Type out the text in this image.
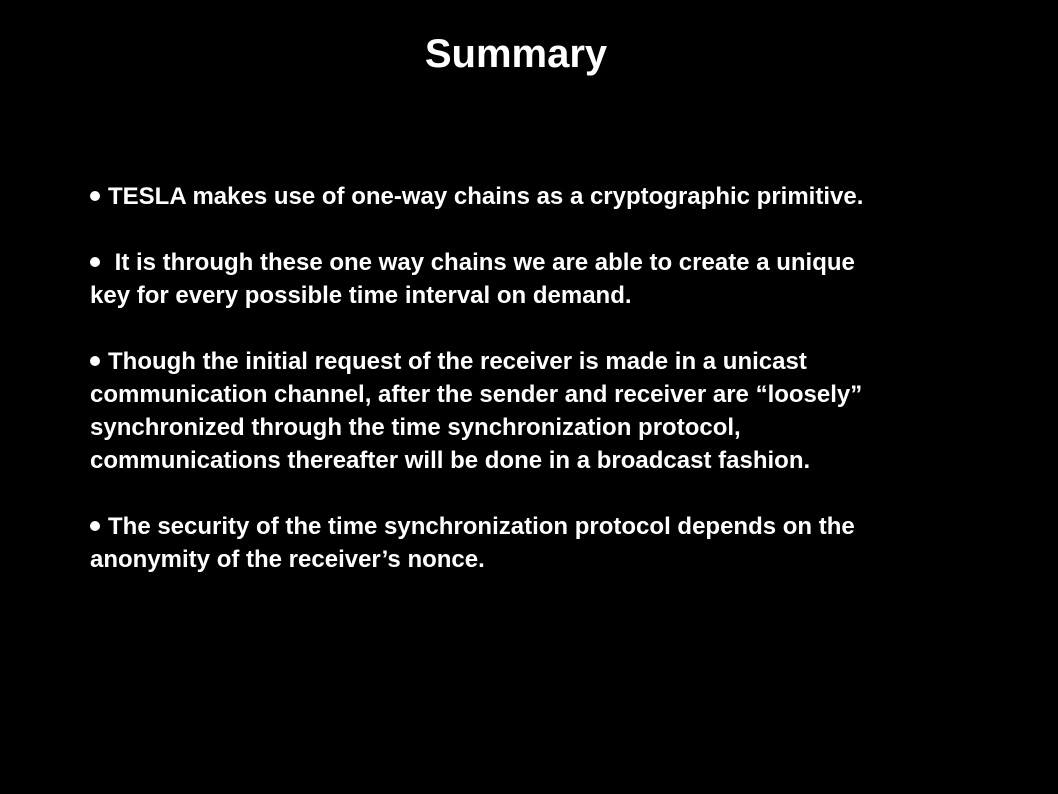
Summary
TESLA makes use of one-way chains as a cryptographic primitive.
It is through these one way chains we are able to create a unique key for every possible time interval on demand.
Though the initial request of the receiver is made in a unicast communication channel, after the sender and receiver are “loosely” synchronized through the time synchronization protocol, communications thereafter will be done in a broadcast fashion.
The security of the time synchronization protocol depends on the anonymity of the receiver’s nonce.
